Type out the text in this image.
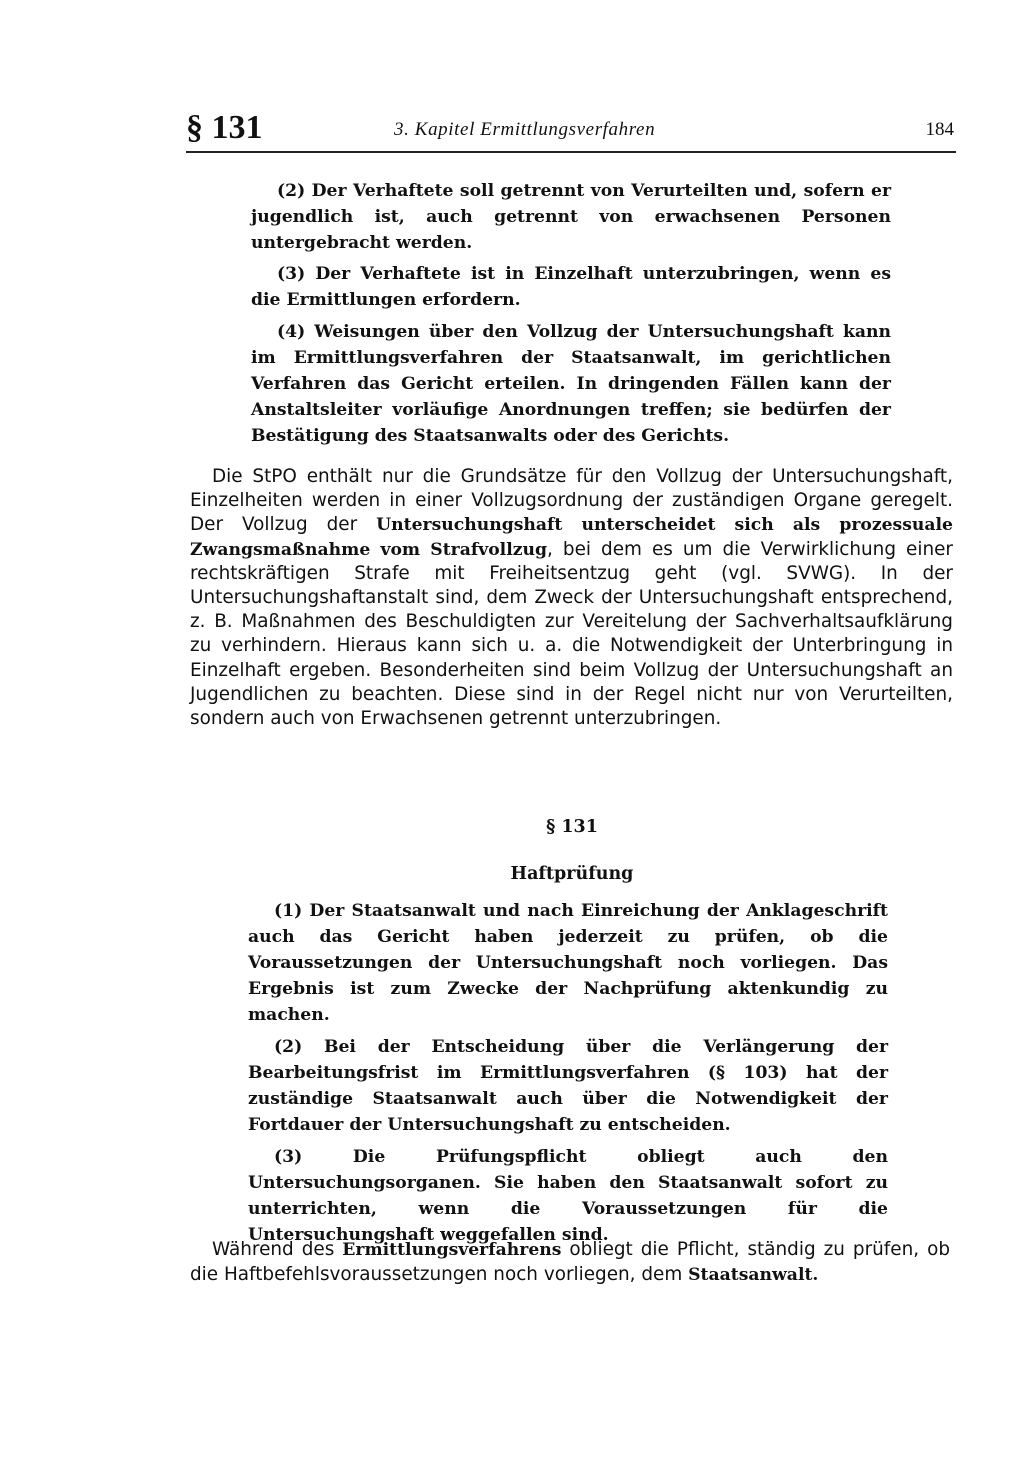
§ 131	3. Kapitel Ermittlungsverfahren	184

(2) Der Verhaftete soll getrennt von Verurteilten und, sofern er jugendlich ist, auch getrennt von erwachsenen Personen untergebracht werden.

(3) Der Verhaftete ist in Einzelhaft unterzubringen, wenn es die Ermittlungen erfordern.

(4) Weisungen über den Vollzug der Untersuchungshaft kann im Ermittlungsverfahren der Staatsanwalt, im gerichtlichen Verfahren das Gericht erteilen. In dringenden Fällen kann der Anstaltsleiter vorläufige Anordnungen treffen; sie bedürfen der Bestätigung des Staatsanwalts oder des Gerichts.

Die StPO enthält nur die Grundsätze für den Vollzug der Untersuchungshaft, Einzelheiten werden in einer Vollzugsordnung der zuständigen Organe geregelt. Der Vollzug der Untersuchungshaft unterscheidet sich als prozessuale Zwangsmaßnahme vom Strafvollzug, bei dem es um die Verwirklichung einer rechtskräftigen Strafe mit Freiheitsentzug geht (vgl. SVWG). In der Untersuchungshaftanstalt sind, dem Zweck der Untersuchungshaft entsprechend, z. B. Maßnahmen des Beschuldigten zur Vereitelung der Sachverhaltsaufklärung zu verhindern. Hieraus kann sich u. a. die Notwendigkeit der Unterbringung in Einzelhaft ergeben. Besonderheiten sind beim Vollzug der Untersuchungshaft an Jugendlichen zu beachten. Diese sind in der Regel nicht nur von Verurteilten, sondern auch von Erwachsenen getrennt unterzubringen.

§ 131
Haftprüfung

(1) Der Staatsanwalt und nach Einreichung der Anklageschrift auch das Gericht haben jederzeit zu prüfen, ob die Voraussetzungen der Untersuchungshaft noch vorliegen. Das Ergebnis ist zum Zwecke der Nachprüfung aktenkundig zu machen.

(2) Bei der Entscheidung über die Verlängerung der Bearbeitungsfrist im Ermittlungsverfahren (§ 103) hat der zuständige Staatsanwalt auch über die Notwendigkeit der Fortdauer der Untersuchungshaft zu entscheiden.

(3) Die Prüfungspflicht obliegt auch den Untersuchungsorganen. Sie haben den Staatsanwalt sofort zu unterrichten, wenn die Voraussetzungen für die Untersuchungshaft weggefallen sind.

Während des Ermittlungsverfahrens obliegt die Pflicht, ständig zu prüfen, ob die Haftbefehlsvoraussetzungen noch vorliegen, dem Staatsanwalt.
